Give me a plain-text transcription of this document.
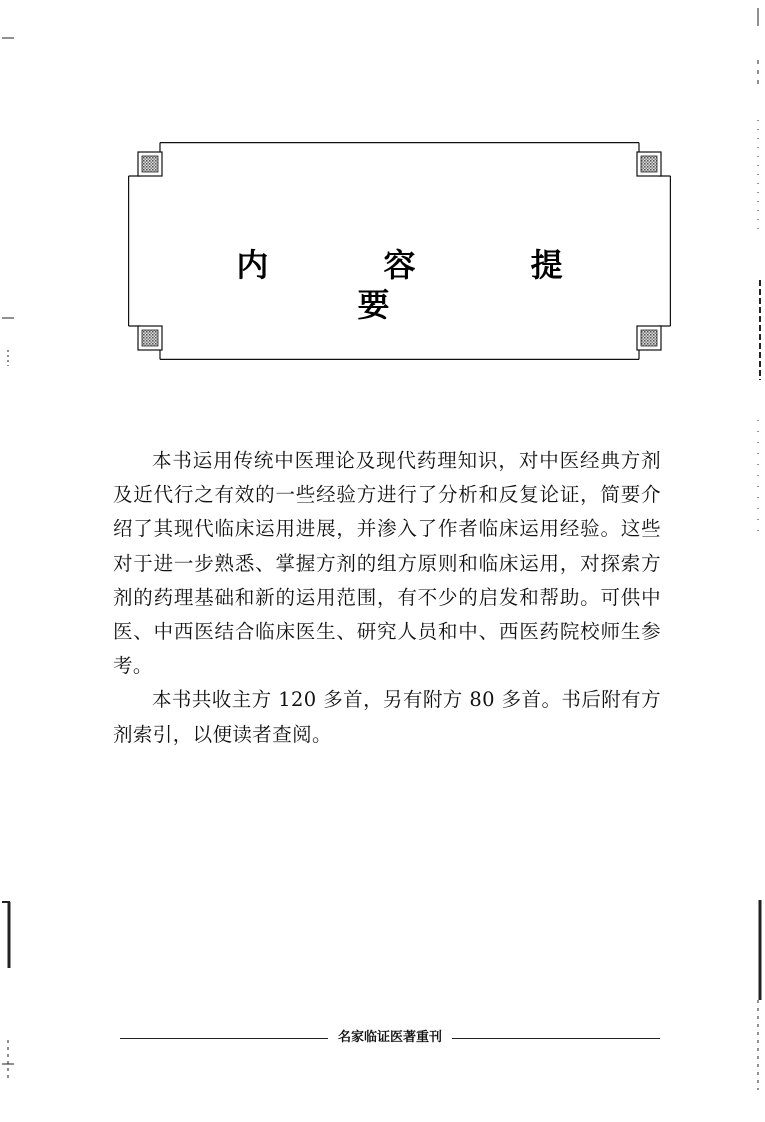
内 容 提 要

本书运用传统中医理论及现代药理知识，对中医经典方剂及近代行之有效的一些经验方进行了分析和反复论证，简要介绍了其现代临床运用进展，并渗入了作者临床运用经验。这些对于进一步熟悉、掌握方剂的组方原则和临床运用，对探索方剂的药理基础和新的运用范围，有不少的启发和帮助。可供中医、中西医结合临床医生、研究人员和中、西医药院校师生参考。

本书共收主方 120 多首，另有附方 80 多首。书后附有方剂索引，以便读者查阅。

名家临证医著重刊
